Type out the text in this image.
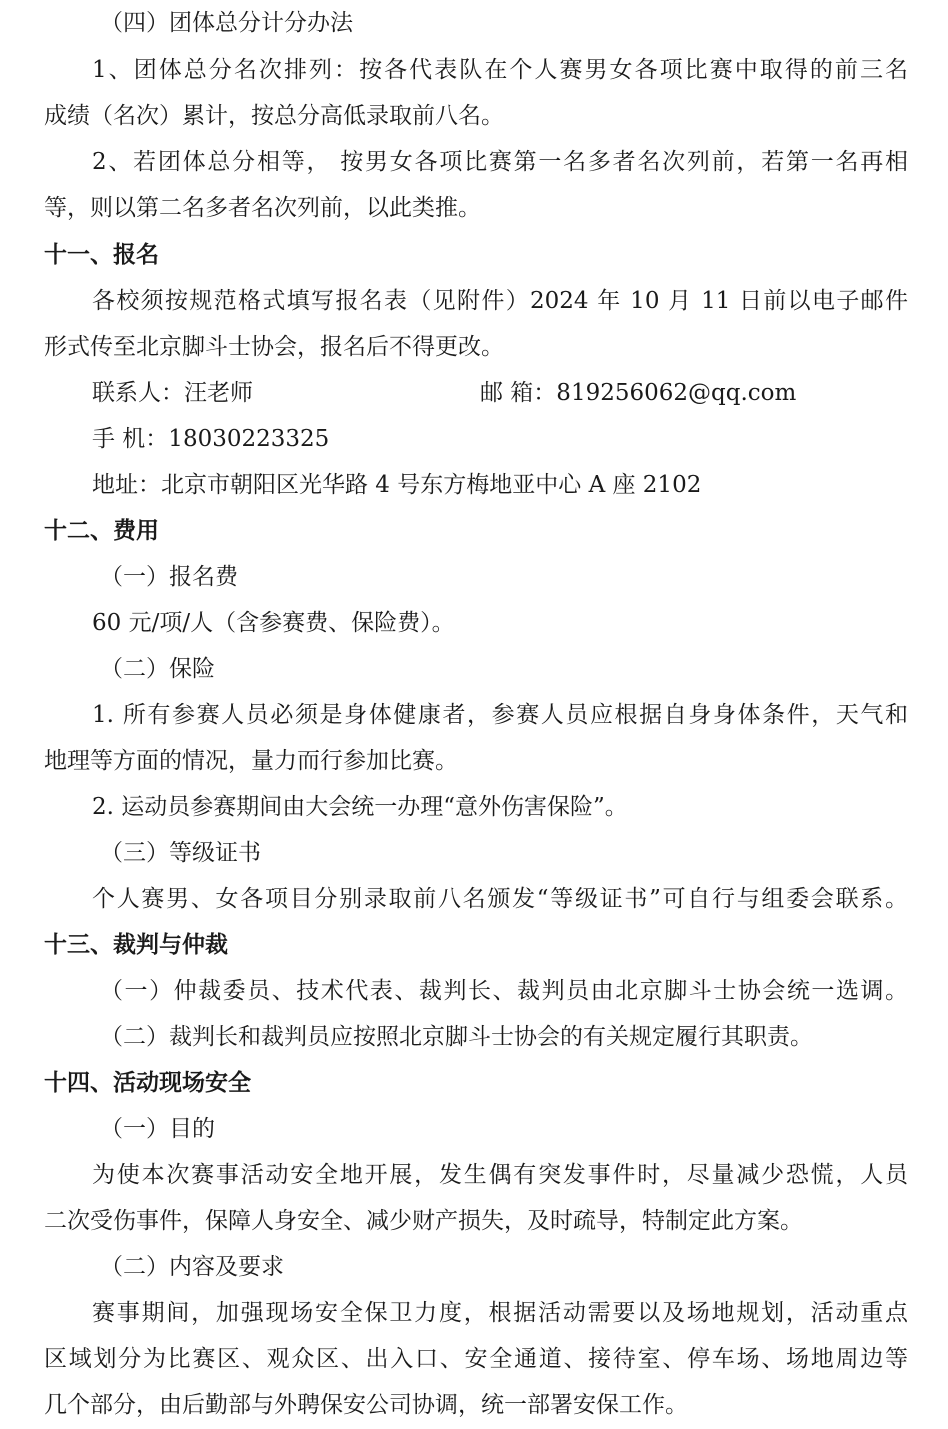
（四）团体总分计分办法
1、团体总分名次排列：按各代表队在个人赛男女各项比赛中取得的前三名
成绩（名次）累计，按总分高低录取前八名。
2、若团体总分相等， 按男女各项比赛第一名多者名次列前，若第一名再相
等，则以第二名多者名次列前，以此类推。
十一、报名
各校须按规范格式填写报名表（见附件）2024 年 10 月 11 日前以电子邮件
形式传至北京脚斗士协会，报名后不得更改。
联系人：汪老师	邮 箱：819256062@qq.com
手 机：18030223325
地址：北京市朝阳区光华路 4 号东方梅地亚中心 A 座 2102
十二、费用
（一）报名费
60 元/项/人（含参赛费、保险费）。
（二）保险
1. 所有参赛人员必须是身体健康者，参赛人员应根据自身身体条件，天气和
地理等方面的情况，量力而行参加比赛。
2. 运动员参赛期间由大会统一办理“意外伤害保险”。
（三）等级证书
个人赛男、女各项目分别录取前八名颁发“等级证书”可自行与组委会联系。
十三、裁判与仲裁
（一）仲裁委员、技术代表、裁判长、裁判员由北京脚斗士协会统一选调。
（二）裁判长和裁判员应按照北京脚斗士协会的有关规定履行其职责。
十四、活动现场安全
（一）目的
为使本次赛事活动安全地开展，发生偶有突发事件时，尽量减少恐慌，人员
二次受伤事件，保障人身安全、减少财产损失，及时疏导，特制定此方案。
（二）内容及要求
赛事期间，加强现场安全保卫力度，根据活动需要以及场地规划，活动重点
区域划分为比赛区、观众区、出入口、安全通道、接待室、停车场、场地周边等
几个部分，由后勤部与外聘保安公司协调，统一部署安保工作。
